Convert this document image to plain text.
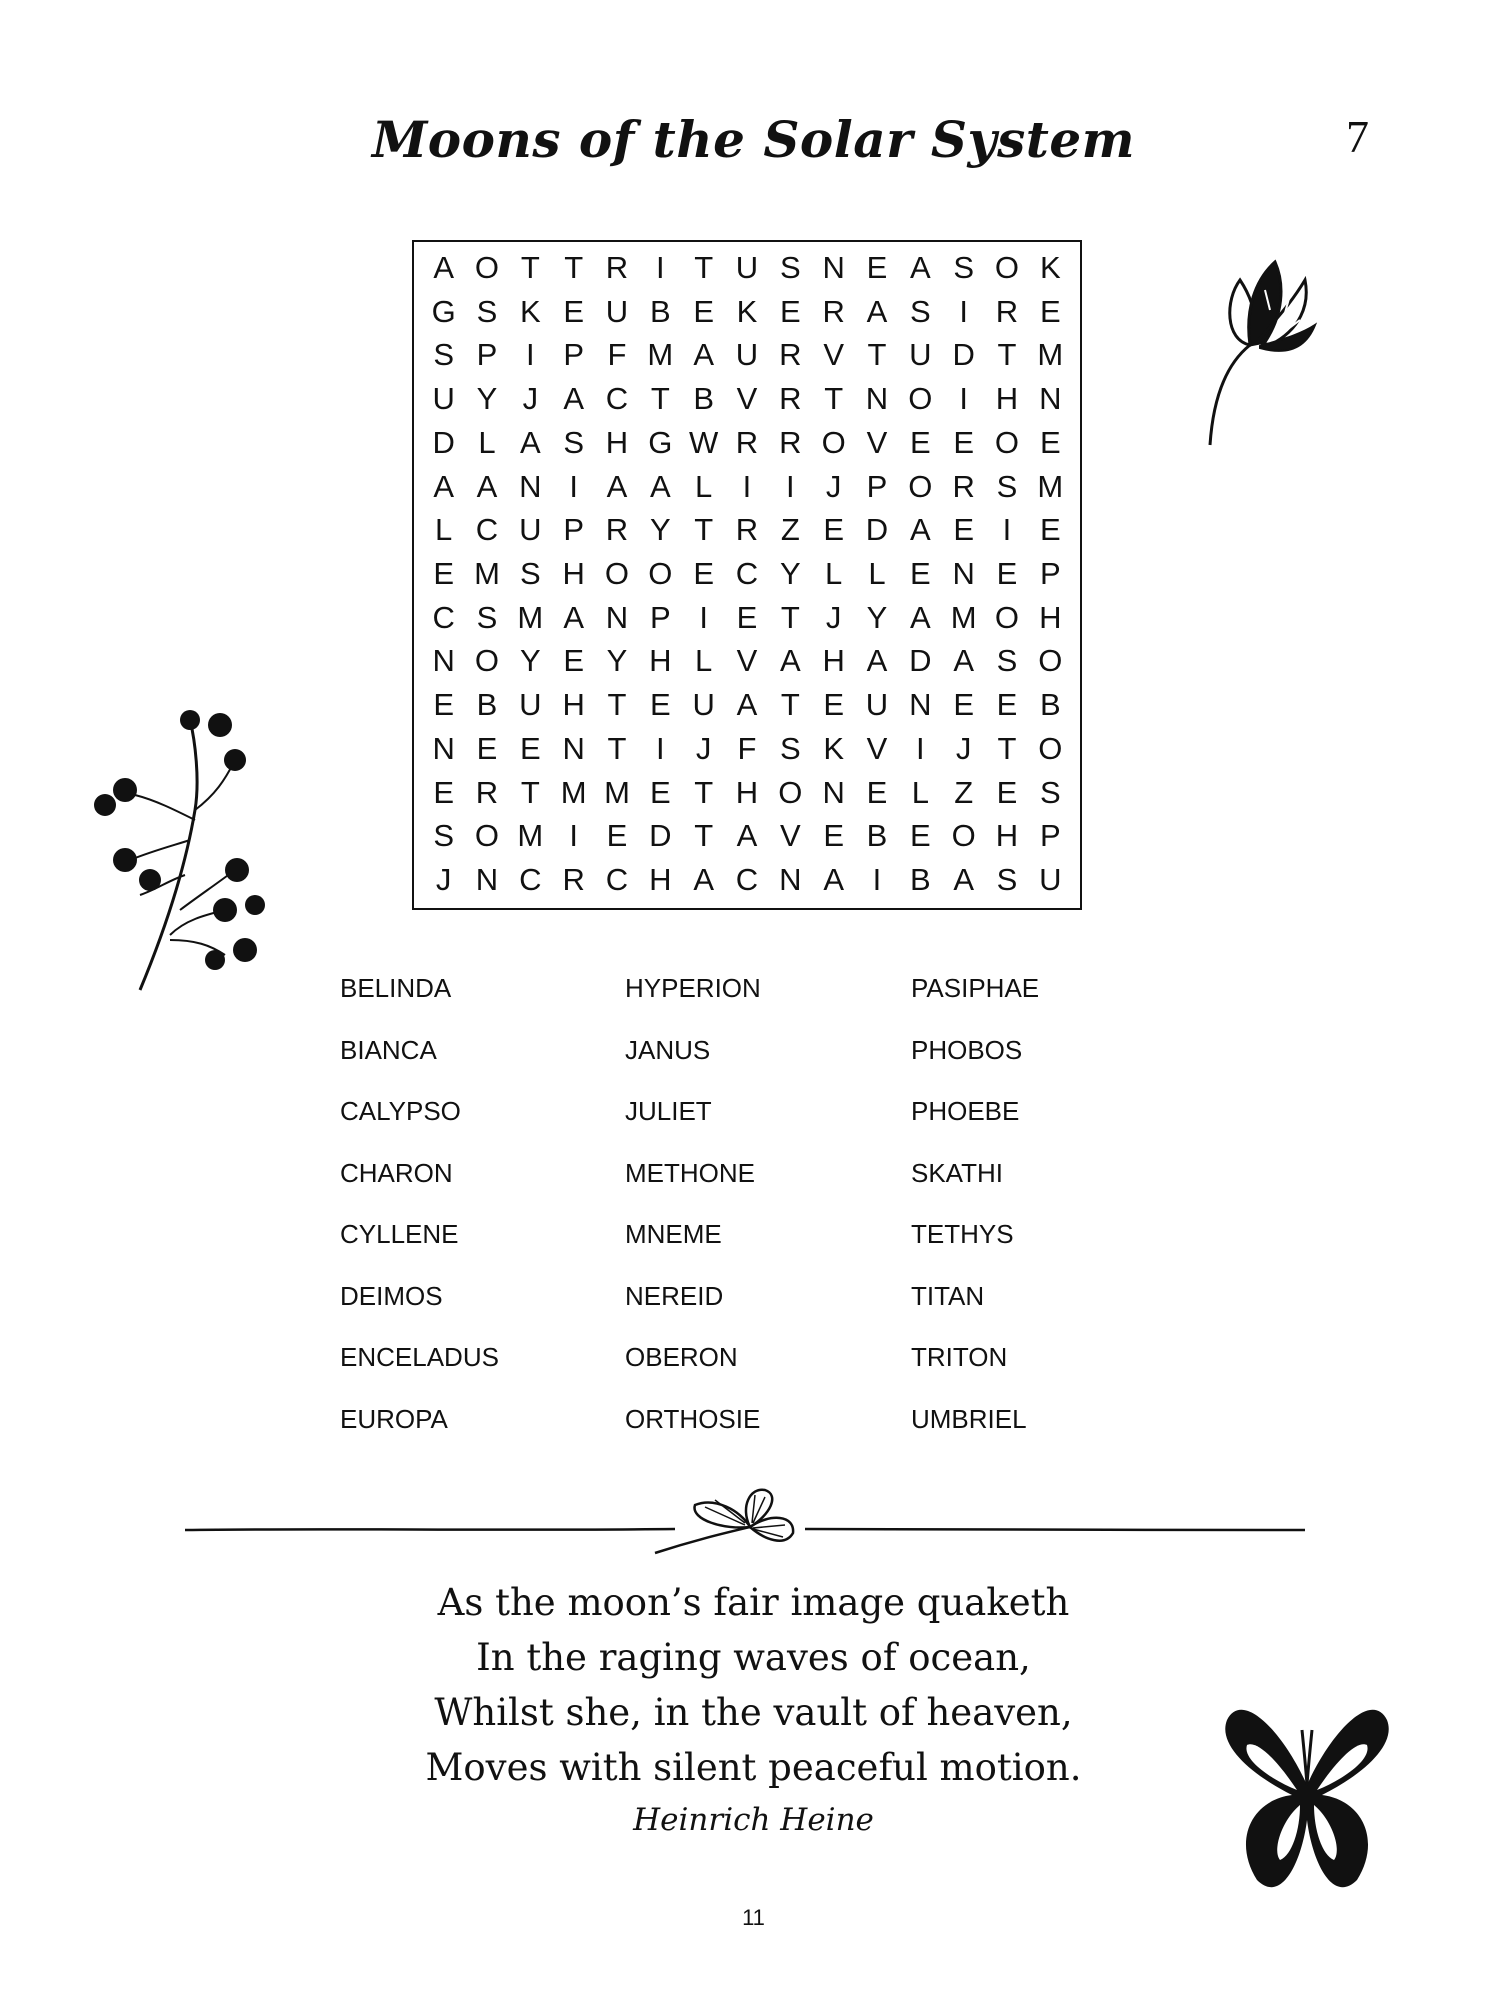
Moons of the Solar System	7
A O T T R I T U S N E A S O K
G S K E U B E K E R A S I R E
S P I P F M A U R V T U D T M
U Y J A C T B V R T N O I H N
D L A S H G W R R O V E E O E
A A N I A A L I	I	J P O R S M
L C U P R Y T R Z E D A E I E
E M S H O O E C Y L L E N E P
C S M A N P I E T J Y A M O H
N O Y E Y H L V A H A D A S O
E B U H T E U A T E U N E E B
N E E N T I	J F S K V I	J T O
E R T M M E T H O N E L Z E S
S O M I E D T A V E B E O H P
J N C R C H A C N A I B A S U
BELINDA
BIANCA
CALYPSO
CHARON
CYLLENE
DEIMOS
ENCELADUS
EUROPA
HYPERION
JANUS
JULIET
METHONE
MNEME
NEREID
OBERON
ORTHOSIE
PASIPHAE
PHOBOS
PHOEBE
SKATHI
TETHYS
TITAN
TRITON
UMBRIEL
As the moon’s fair image quaketh
In the raging waves of ocean,
Whilst she, in the vault of heaven,
Moves with silent peaceful motion.
Heinrich Heine
11
